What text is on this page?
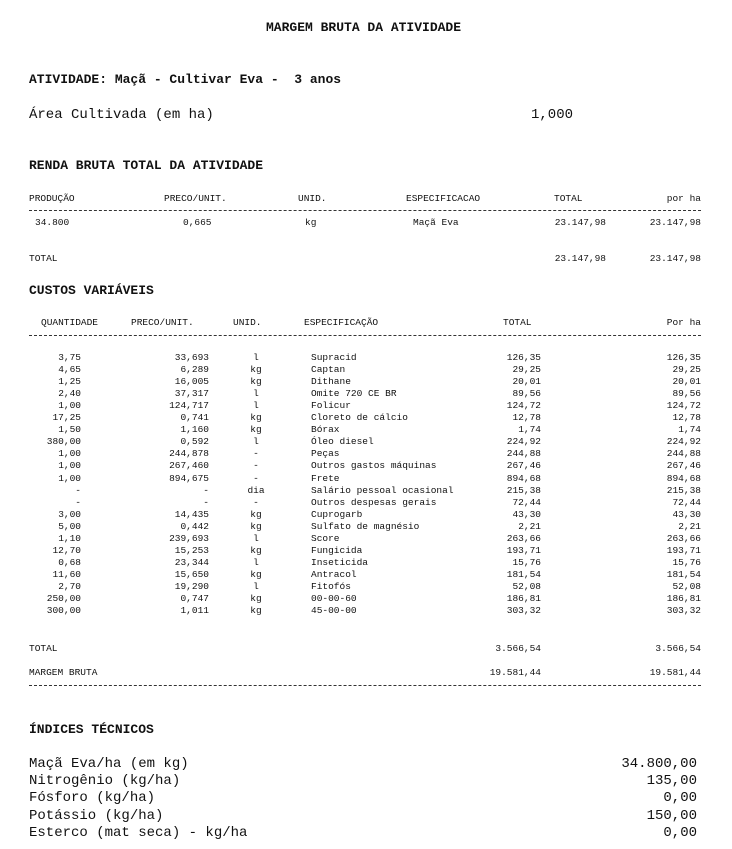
MARGEM BRUTA DA ATIVIDADE
ATIVIDADE: Maçã - Cultivar Eva -  3 anos
Área Cultivada (em ha)	1,000
RENDA BRUTA TOTAL DA ATIVIDADE
PRODUÇÃO	PRECO/UNIT.	UNID.	ESPECIFICACAO	TOTAL	por ha
34.800	0,665	kg	Maçã Eva	23.147,98	23.147,98
TOTAL	23.147,98	23.147,98
CUSTOS VARIÁVEIS
QUANTIDADE	PRECO/UNIT.	UNID.	ESPECIFICAÇÃO	TOTAL	Por ha
3,75	33,693	l	Supracid	126,35	126,35
4,65	6,289	kg	Captan	29,25	29,25
1,25	16,005	kg	Dithane	20,01	20,01
2,40	37,317	l	Omite 720 CE BR	89,56	89,56
1,00	124,717	l	Folicur	124,72	124,72
17,25	0,741	kg	Cloreto de cálcio	12,78	12,78
1,50	1,160	kg	Bórax	1,74	1,74
380,00	0,592	l	Óleo diesel	224,92	224,92
1,00	244,878	-	Peças	244,88	244,88
1,00	267,460	-	Outros gastos máquinas	267,46	267,46
1,00	894,675	-	Frete	894,68	894,68
-	-	dia	Salário pessoal ocasional	215,38	215,38
-	-	-	Outros despesas gerais	72,44	72,44
3,00	14,435	kg	Cuprogarb	43,30	43,30
5,00	0,442	kg	Sulfato de magnésio	2,21	2,21
1,10	239,693	l	Score	263,66	263,66
12,70	15,253	kg	Fungicida	193,71	193,71
0,68	23,344	l	Inseticida	15,76	15,76
11,60	15,650	kg	Antracol	181,54	181,54
2,70	19,290	l	Fitofós	52,08	52,08
250,00	0,747	kg	00-00-60	186,81	186,81
300,00	1,011	kg	45-00-00	303,32	303,32
TOTAL	3.566,54	3.566,54
MARGEM BRUTA	19.581,44	19.581,44
ÍNDICES TÉCNICOS
Maçã Eva/ha (em kg)	34.800,00
Nitrogênio (kg/ha)	135,00
Fósforo (kg/ha)	0,00
Potássio (kg/ha)	150,00
Esterco (mat seca) - kg/ha	0,00
